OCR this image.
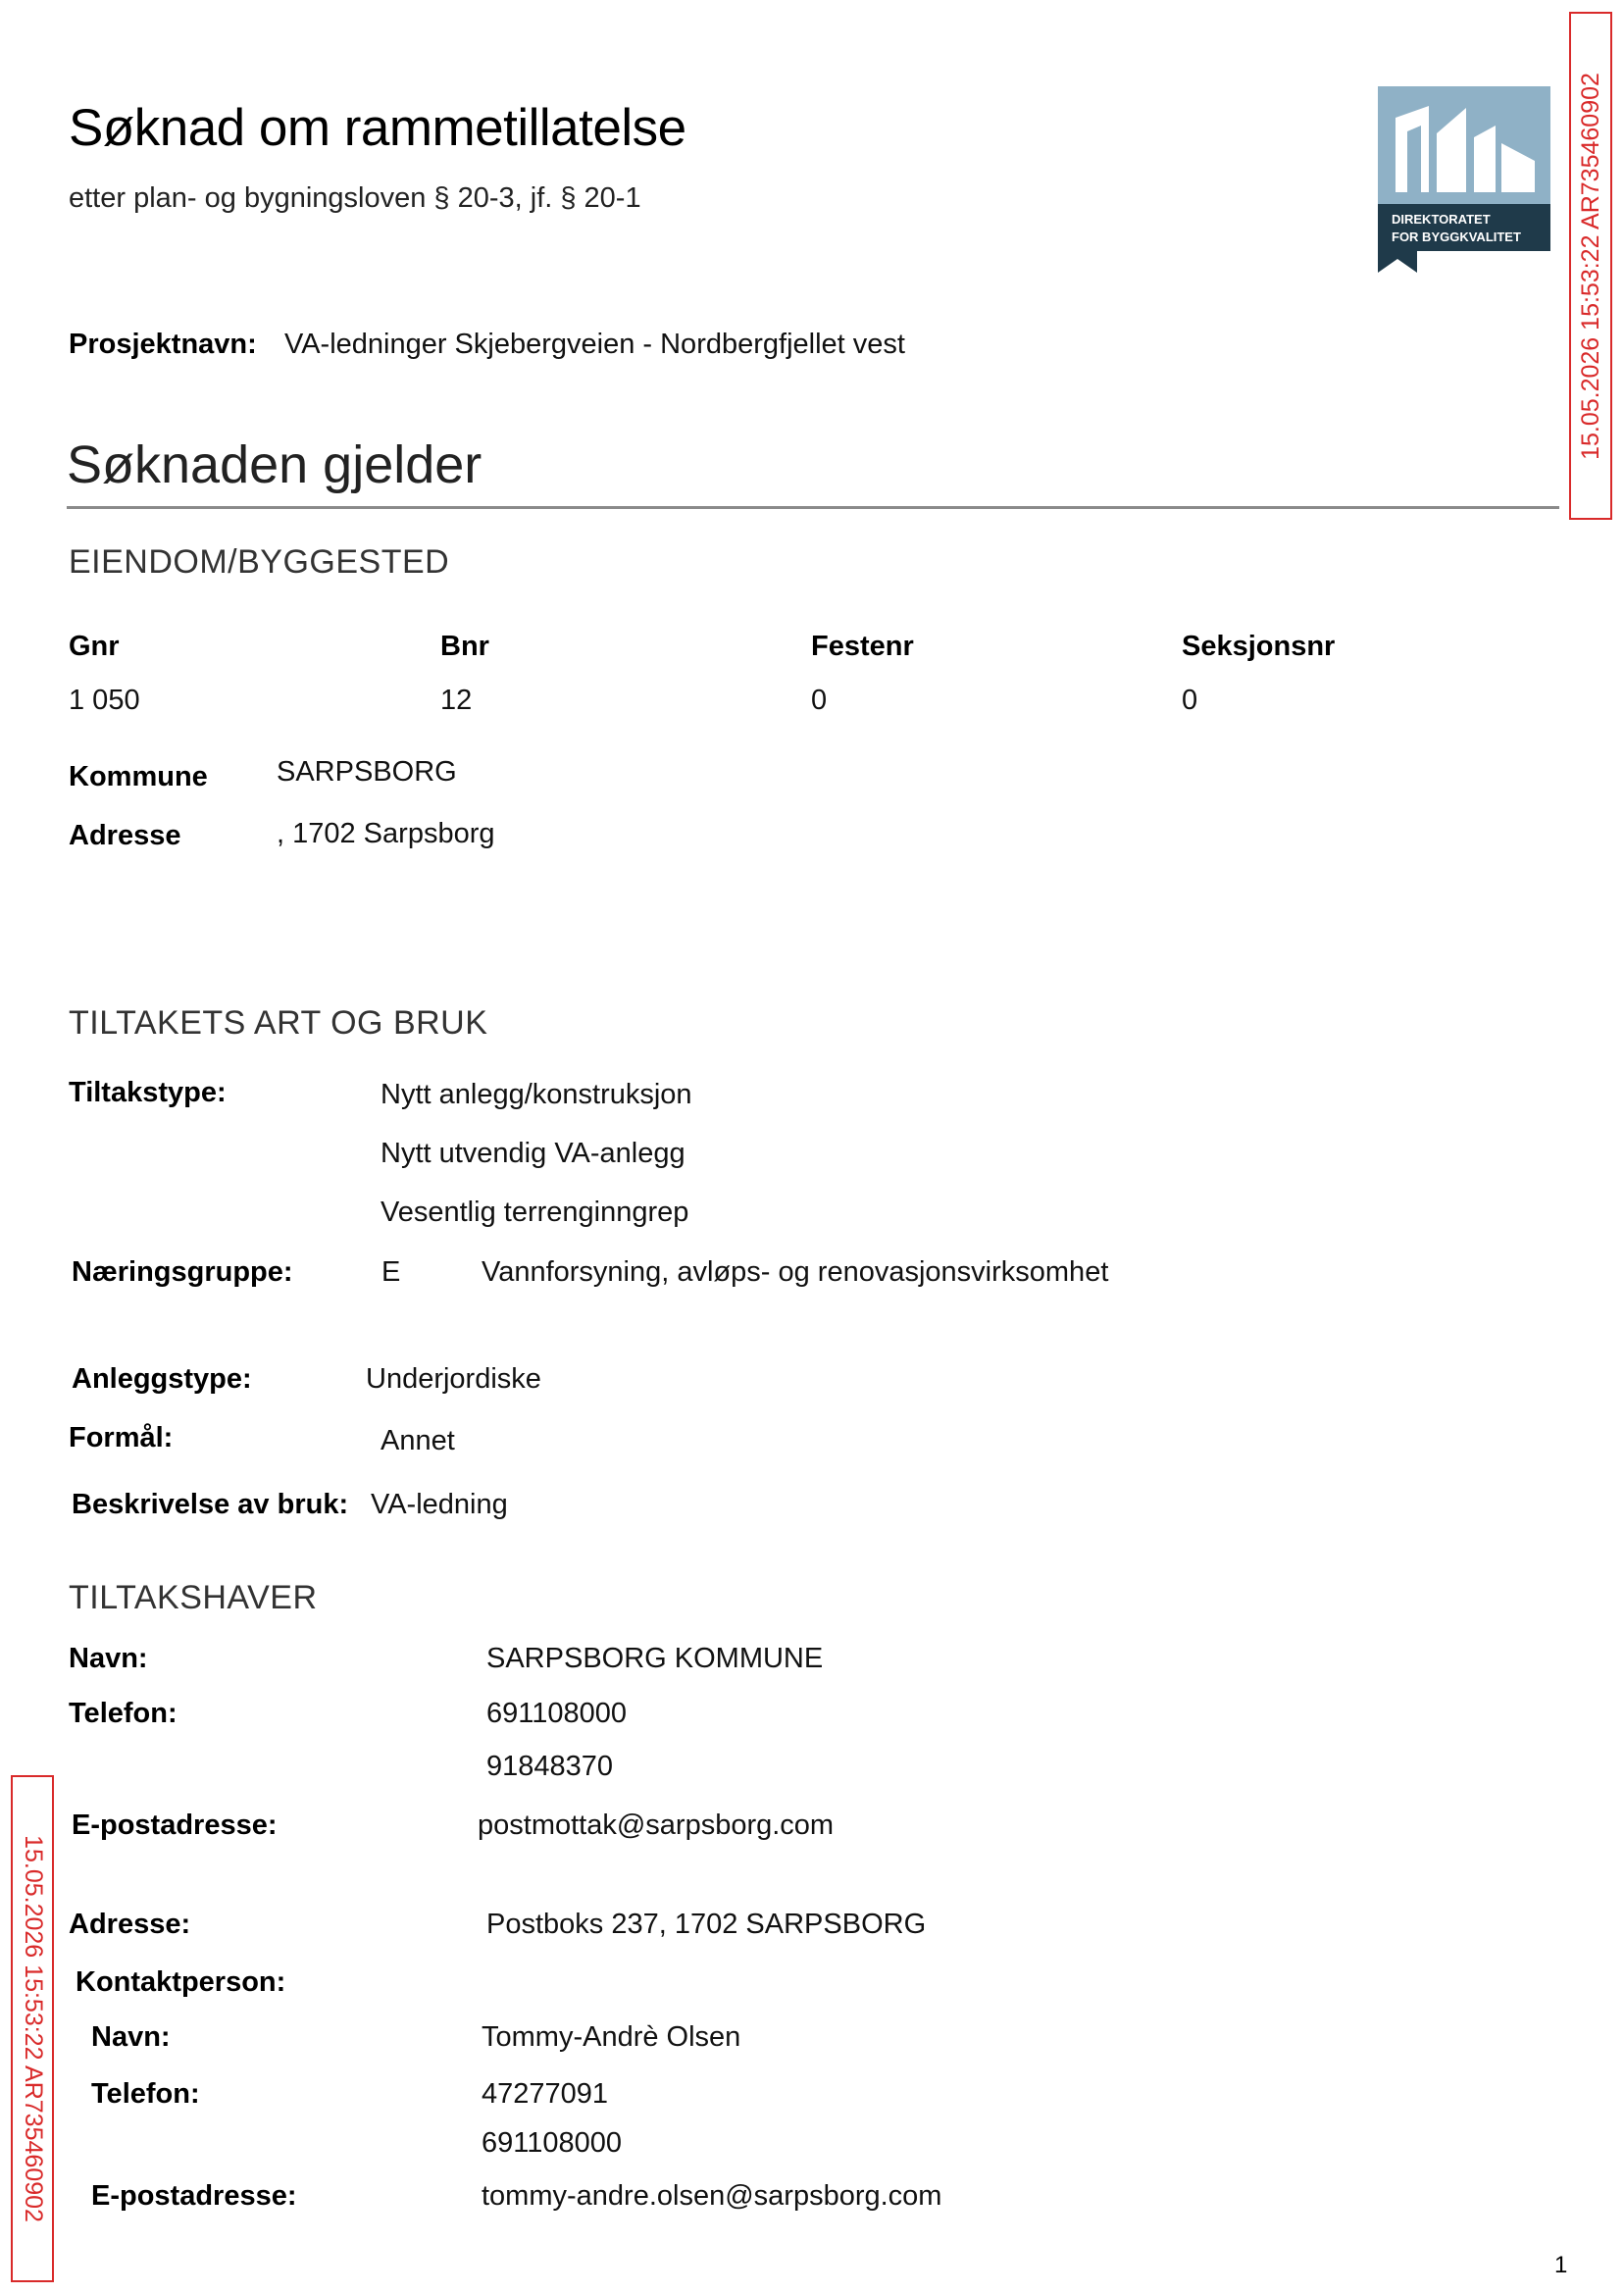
Søknad om rammetillatelse
etter plan- og bygningsloven § 20-3, jf. § 20-1
Prosjektnavn: VA-ledninger Skjebergveien - Nordbergfjellet vest
DIREKTORATET
FOR BYGGKVALITET 15.05.2026 15:53:22 AR735460902
15.05.2026 15:53:22 AR735460902
Søknaden gjelder
EIENDOM/BYGGESTED
Gnr	Bnr	Festenr	Seksjonsnr
1 050	12	0	0
Kommune SARPSBORG
Adresse	, 1702 Sarpsborg
TILTAKETS ART OG BRUK
Tiltakstype:	Nytt anlegg/konstruksjon
Nytt utvendig VA-anlegg
Vesentlig terrenginngrep
Næringsgruppe:	E	Vannforsyning, avløps- og renovasjonsvirksomhet
Anleggstype:	Underjordiske
Formål:	Annet
Beskrivelse av bruk: VA-ledning
TILTAKSHAVER
Navn:	SARPSBORG KOMMUNE
Telefon:	691108000
91848370
E-postadresse:	postmottak@sarpsborg.com
Adresse:	Postboks 237, 1702 SARPSBORG
Kontaktperson:
Navn:	Tommy-Andrè Olsen
Telefon:	47277091
691108000
E-postadresse:	tommy-andre.olsen@sarpsborg.com
1
